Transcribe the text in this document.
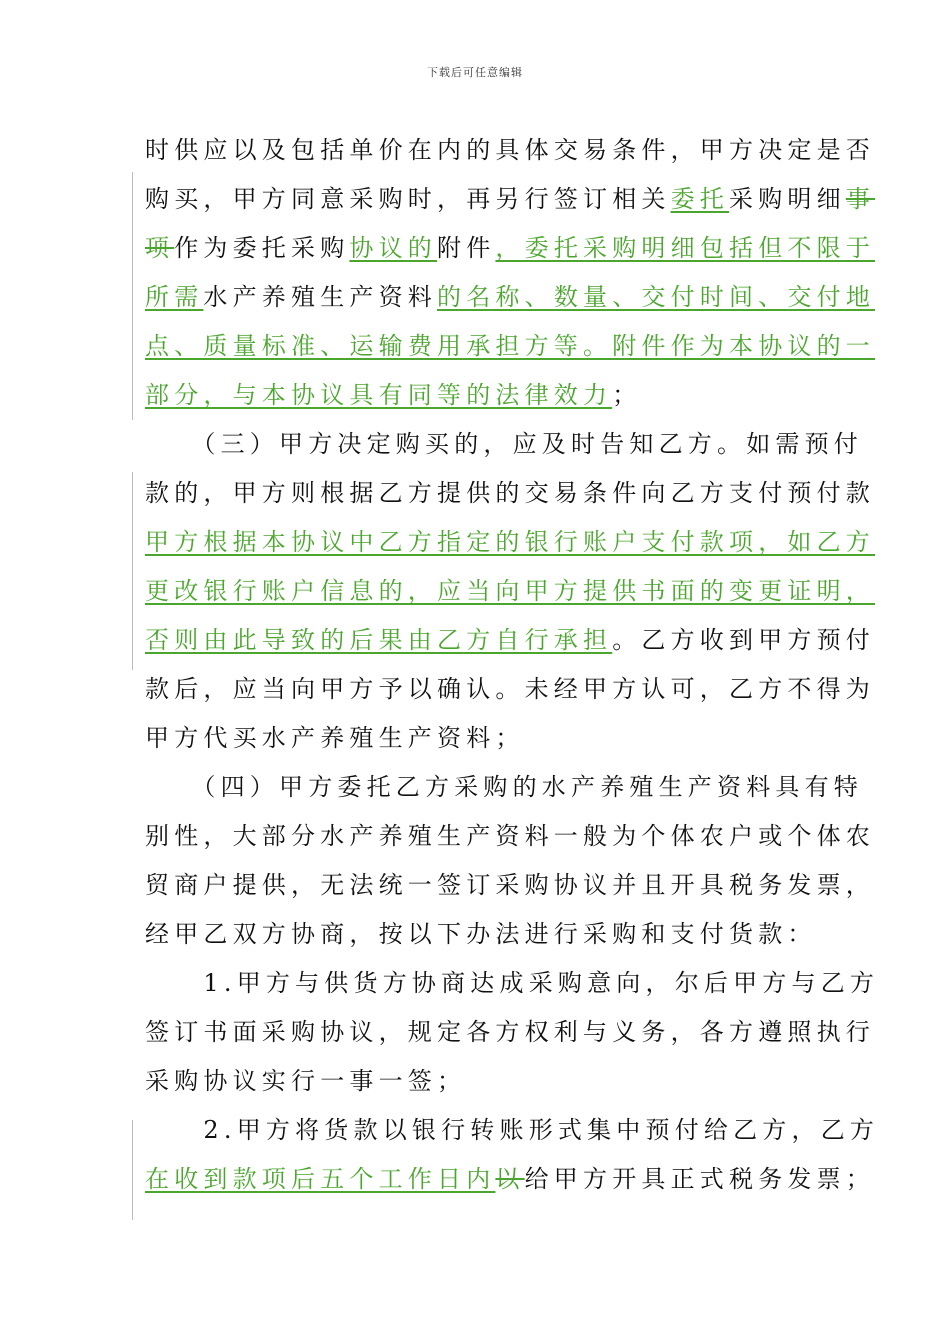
下载后可任意编辑
时供应以及包括单价在内的具体交易条件，甲方决定是否
购买，甲方同意采购时，再另行签订相关委托采购明细事
项作为委托采购协议的附件，委托采购明细包括但不限于
所需水产养殖生产资料的名称、数量、交付时间、交付地
点、质量标准、运输费用承担方等。附件作为本协议的一
部分，与本协议具有同等的法律效力；
　　（三）甲方决定购买的，应及时告知乙方。如需预付
款的，甲方则根据乙方提供的交易条件向乙方支付预付款
甲方根据本协议中乙方指定的银行账户支付款项，如乙方
更改银行账户信息的，应当向甲方提供书面的变更证明，
否则由此导致的后果由乙方自行承担。乙方收到甲方预付
款后，应当向甲方予以确认。未经甲方认可，乙方不得为
甲方代买水产养殖生产资料；
　　（四）甲方委托乙方采购的水产养殖生产资料具有特
别性，大部分水产养殖生产资料一般为个体农户或个体农
贸商户提供，无法统一签订采购协议并且开具税务发票，
经甲乙双方协商，按以下办法进行采购和支付货款：
　　1.甲方与供货方协商达成采购意向，尔后甲方与乙方
签订书面采购协议，规定各方权利与义务，各方遵照执行
采购协议实行一事一签；
　　2.甲方将货款以银行转账形式集中预付给乙方，乙方
在收到款项后五个工作日内以给甲方开具正式税务发票；
